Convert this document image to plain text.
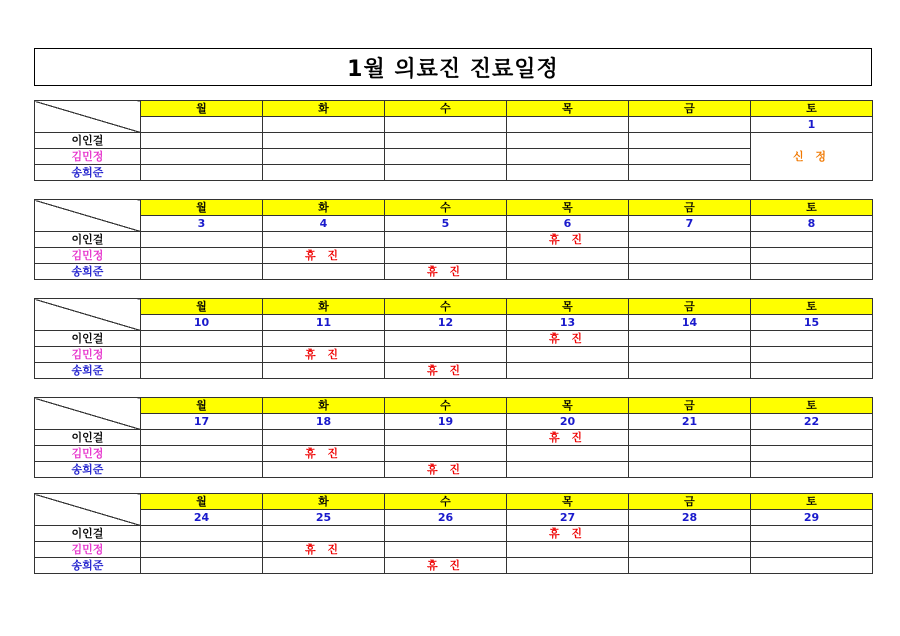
1월 의료진 진료일정
	월	화	수	목	금	토
						1
이인걸						신 정
김민정						
송희준						
	월	화	수	목	금	토
	3	4	5	6	7	8
이인걸				휴 진		
김민정		휴 진				
송희준			휴 진			
	월	화	수	목	금	토
	10	11	12	13	14	15
이인걸				휴 진		
김민정		휴 진				
송희준			휴 진			
	월	화	수	목	금	토
	17	18	19	20	21	22
이인걸				휴 진		
김민정		휴 진				
송희준			휴 진			
	월	화	수	목	금	토
	24	25	26	27	28	29
이인걸				휴 진		
김민정		휴 진				
송희준			휴 진			
